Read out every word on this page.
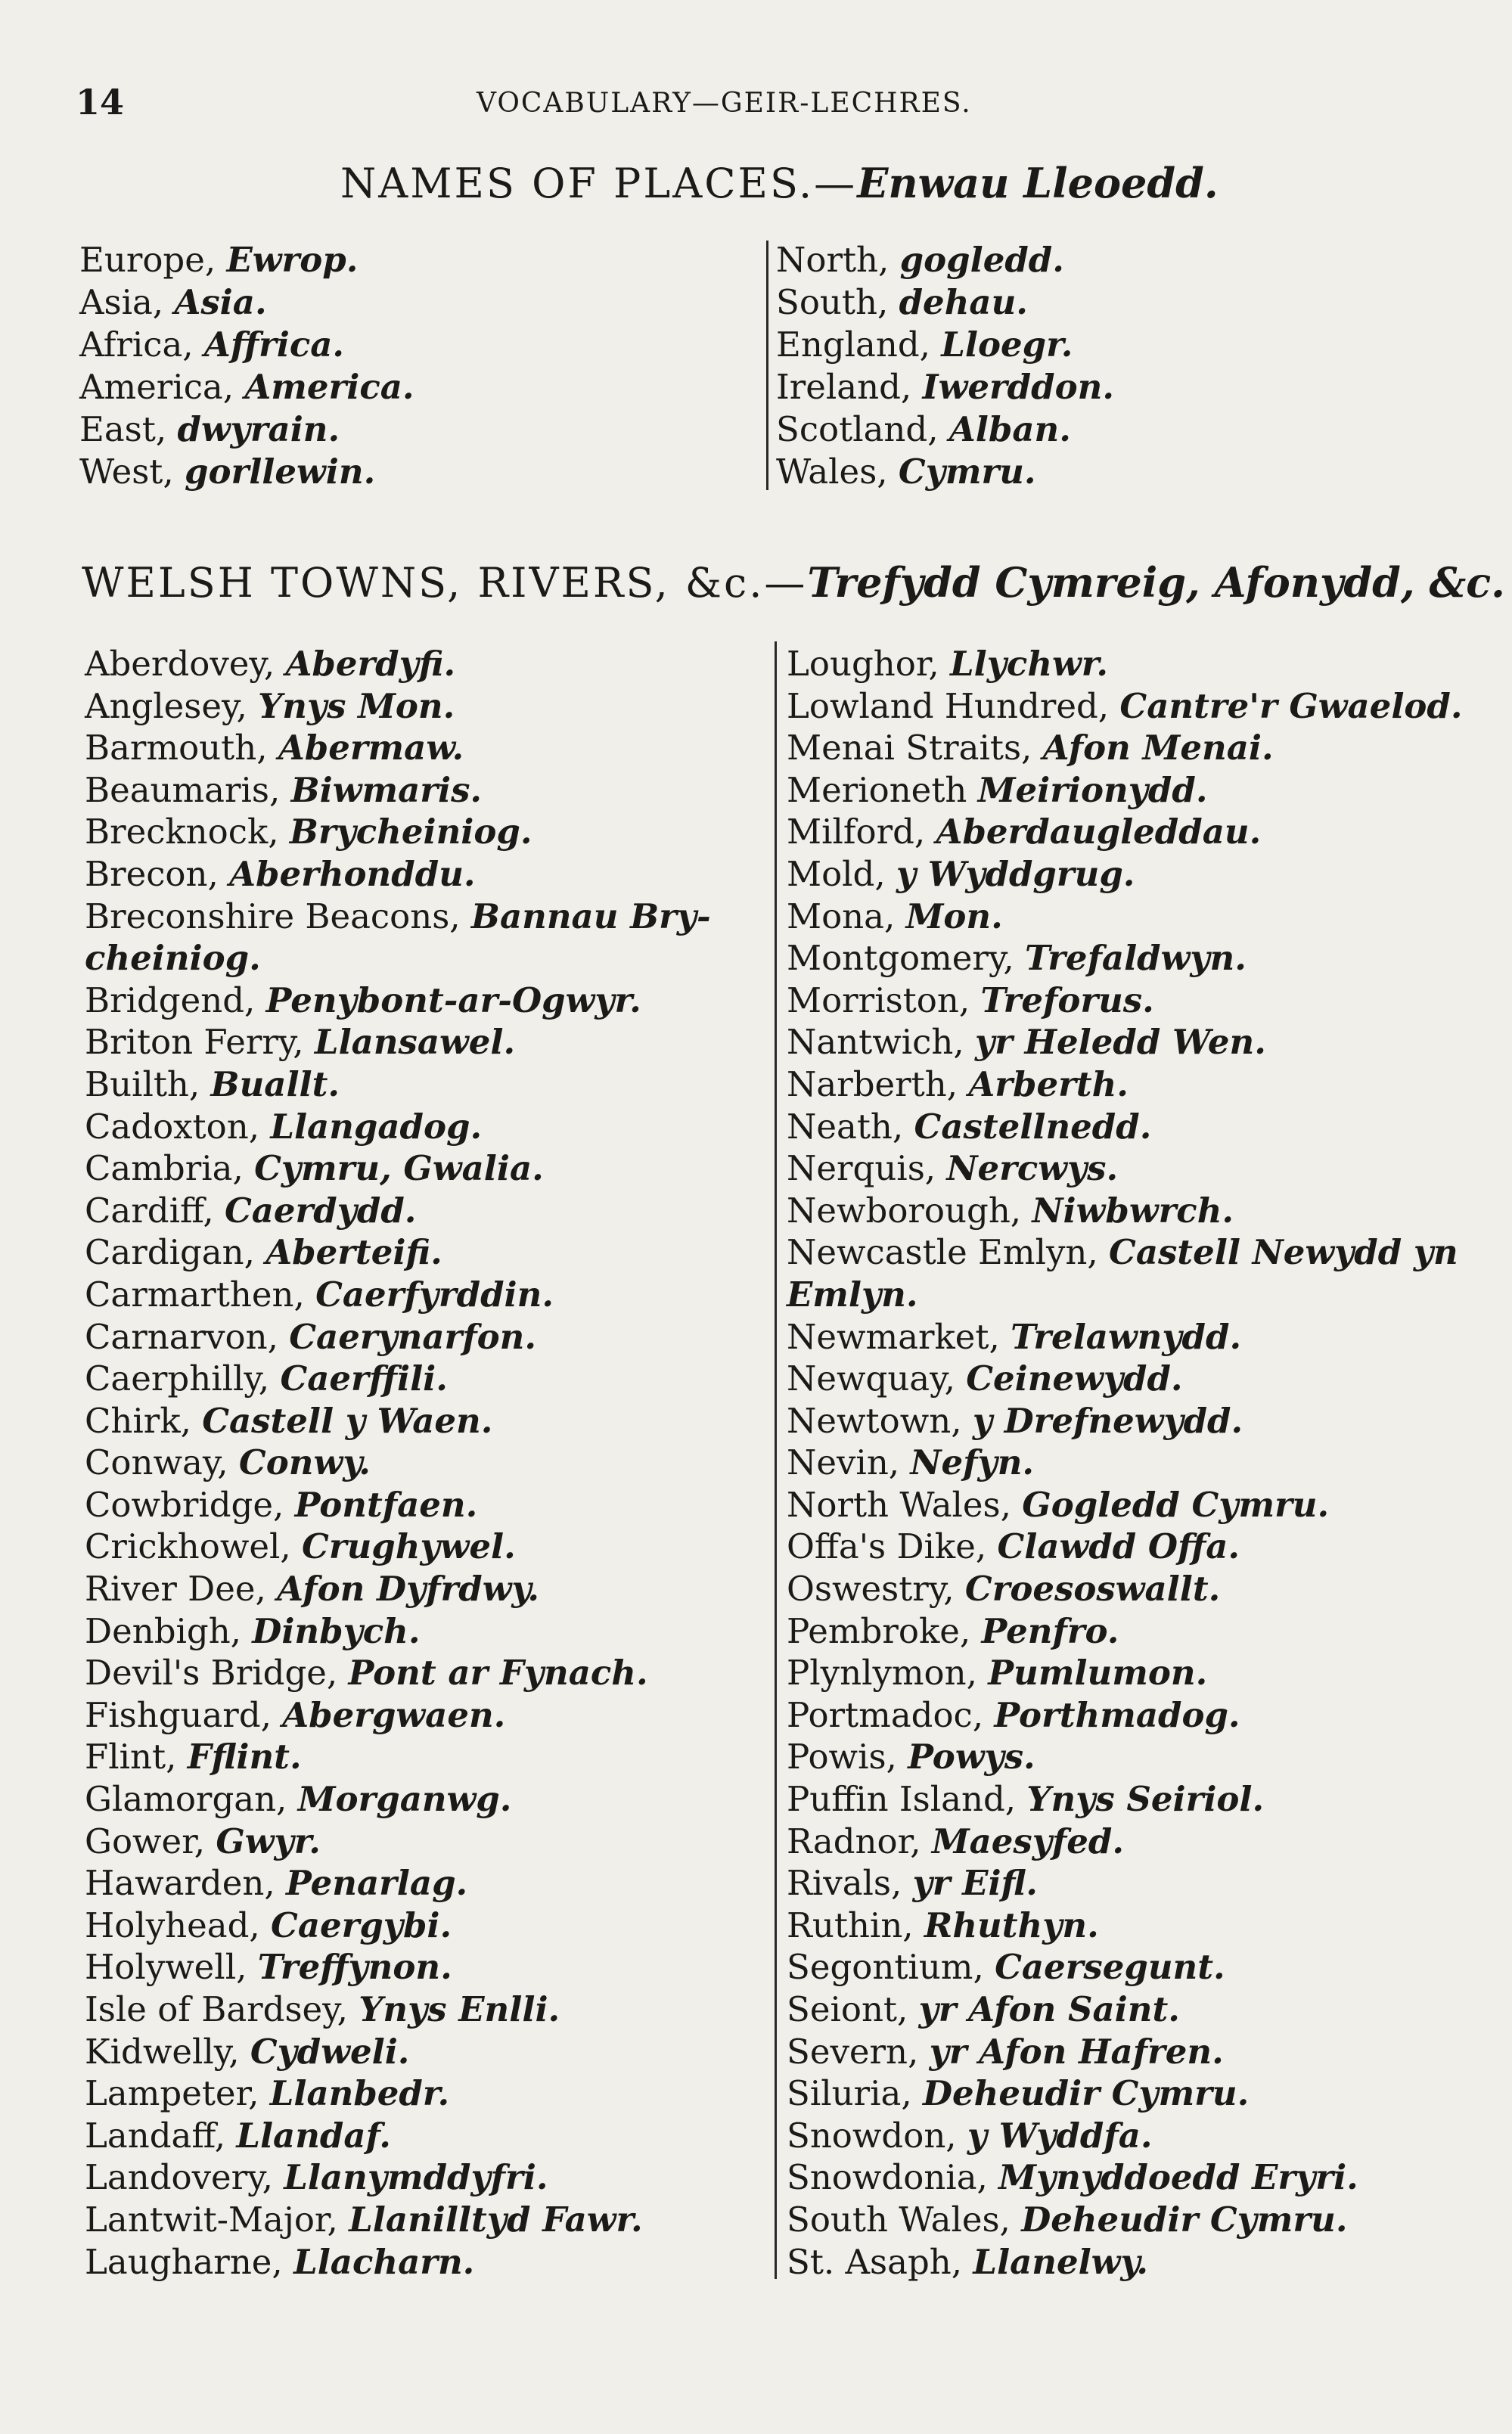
14	VOCABULARY—GEIR-LECHRES.
NAMES OF PLACES.—Enwau Lleoedd.
Europe, Ewrop.
Asia, Asia.
Africa, Affrica.
America, America.
East, dwyrain.
West, gorllewin.
North, gogledd.
South, dehau.
England, Lloegr.
Ireland, Iwerddon.
Scotland, Alban.
Wales, Cymru.
WELSH TOWNS, RIVERS, &c.—Trefydd Cymreig, Afonydd, &c.
Aberdovey, Aberdyfi.
Anglesey, Ynys Mon.
Barmouth, Abermaw.
Beaumaris, Biwmaris.
Brecknock, Brycheiniog.
Brecon, Aberhonddu.
Breconshire Beacons, Bannau Bry-
cheiniog.
Bridgend, Penybont-ar-Ogwyr.
Briton Ferry, Llansawel.
Builth, Buallt.
Cadoxton, Llangadog.
Cambria, Cymru, Gwalia.
Cardiff, Caerdydd.
Cardigan, Aberteifi.
Carmarthen, Caerfyrddin.
Carnarvon, Caerynarfon.
Caerphilly, Caerffili.
Chirk, Castell y Waen.
Conway, Conwy.
Cowbridge, Pontfaen.
Crickhowel, Crughywel.
River Dee, Afon Dyfrdwy.
Denbigh, Dinbych.
Devil's Bridge, Pont ar Fynach.
Fishguard, Abergwaen.
Flint, Fflint.
Glamorgan, Morganwg.
Gower, Gwyr.
Hawarden, Penarlag.
Holyhead, Caergybi.
Holywell, Treffynon.
Isle of Bardsey, Ynys Enlli.
Kidwelly, Cydweli.
Lampeter, Llanbedr.
Landaff, Llandaf.
Landovery, Llanymddyfri.
Lantwit-Major, Llanilltyd Fawr.
Laugharne, Llacharn.
Loughor, Llychwr.
Lowland Hundred, Cantre'r Gwaelod.
Menai Straits, Afon Menai.
Merioneth Meirionydd.
Milford, Aberdaugleddau.
Mold, y Wyddgrug.
Mona, Mon.
Montgomery, Trefaldwyn.
Morriston, Treforus.
Nantwich, yr Heledd Wen.
Narberth, Arberth.
Neath, Castellnedd.
Nerquis, Nercwys.
Newborough, Niwbwrch.
Newcastle Emlyn, Castell Newydd yn
Emlyn.
Newmarket, Trelawnydd.
Newquay, Ceinewydd.
Newtown, y Drefnewydd.
Nevin, Nefyn.
North Wales, Gogledd Cymru.
Offa's Dike, Clawdd Offa.
Oswestry, Croesoswallt.
Pembroke, Penfro.
Plynlymon, Pumlumon.
Portmadoc, Porthmadog.
Powis, Powys.
Puffin Island, Ynys Seiriol.
Radnor, Maesyfed.
Rivals, yr Eifl.
Ruthin, Rhuthyn.
Segontium, Caersegunt.
Seiont, yr Afon Saint.
Severn, yr Afon Hafren.
Siluria, Deheudir Cymru.
Snowdon, y Wyddfa.
Snowdonia, Mynyddoedd Eryri.
South Wales, Deheudir Cymru.
St. Asaph, Llanelwy.
